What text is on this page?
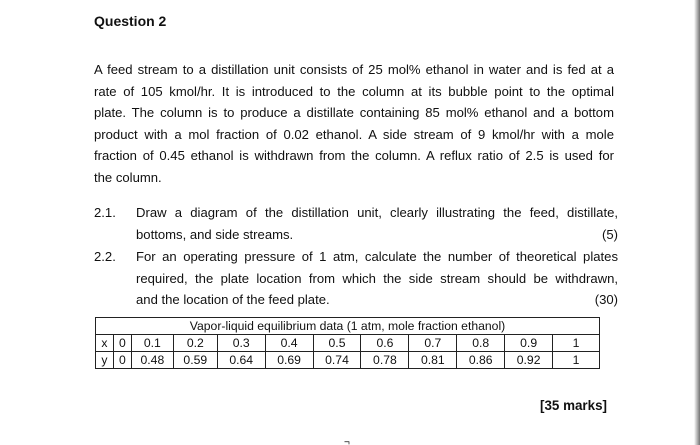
Question 2
A feed stream to a distillation unit consists of 25 mol% ethanol in water and is fed at a
rate of 105 kmol/hr. It is introduced to the column at its bubble point to the optimal
plate. The column is to produce a distillate containing 85 mol% ethanol and a bottom
product with a mol fraction of 0.02 ethanol. A side stream of 9 kmol/hr with a mole
fraction of 0.45 ethanol is withdrawn from the column. A reflux ratio of 2.5 is used for
the column.
2.1. Draw a diagram of the distillation unit, clearly illustrating the feed, distillate,
bottoms, and side streams.	(5)
2.2. For an operating pressure of 1 atm, calculate the number of theoretical plates
required, the plate location from which the side stream should be withdrawn,
and the location of the feed plate.	(30)
Vapor-liquid equilibrium data (1 atm, mole fraction ethanol)											
x	0	0.1	0.2	0.3	0.4	0.5	0.6	0.7	0.8	0.9	1
y	0	0.48	0.59	0.64	0.69	0.74	0.78	0.81	0.86	0.92	1
[35 marks]
¬
